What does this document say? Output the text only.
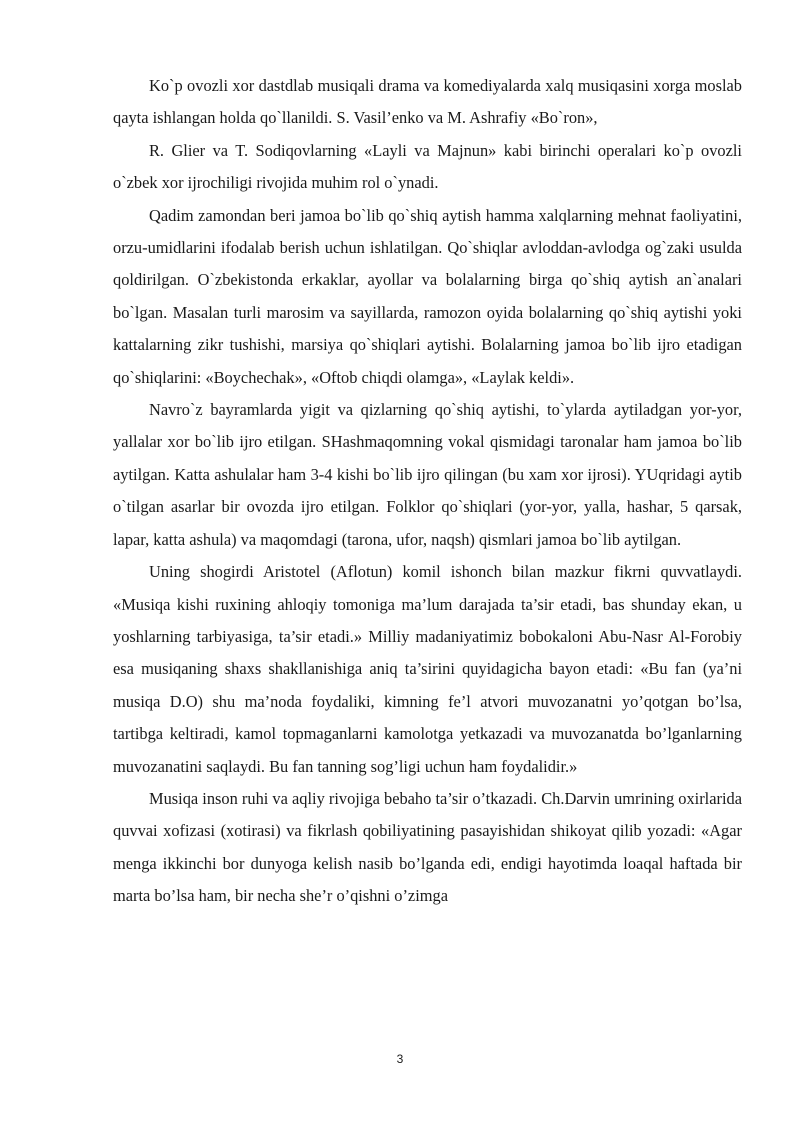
Ko`p ovozli xor dastdlab musiqali drama va komediyalarda xalq musiqasini xorga moslab qayta ishlangan holda qo`llanildi. S. Vasil’enko va M. Ashrafiy «Bo`ron»,

R. Glier va T. Sodiqovlarning «Layli va Majnun» kabi birinchi operalari ko`p ovozli o`zbek xor ijrochiligi rivojida muhim rol o`ynadi.

Qadim zamondan beri jamoa bo`lib qo`shiq aytish hamma xalqlarning mehnat faoliyatini, orzu-umidlarini ifodalab berish uchun ishlatilgan. Qo`shiqlar avloddan-avlodga og`zaki usulda qoldirilgan. O`zbekistonda erkaklar, ayollar va bolalarning birga qo`shiq aytish an`analari bo`lgan. Masalan turli marosim va sayillarda, ramozon oyida bolalarning qo`shiq aytishi yoki kattalarning zikr tushishi, marsiya qo`shiqlari aytishi. Bolalarning jamoa bo`lib ijro etadigan qo`shiqlarini: «Boychechak», «Oftob chiqdi olamga», «Laylak keldi».

Navro`z bayramlarda yigit va qizlarning qo`shiq aytishi, to`ylarda aytiladgan yor-yor, yallalar xor bo`lib ijro etilgan. SHashmaqomning vokal qismidagi taronalar ham jamoa bo`lib aytilgan. Katta ashulalar ham 3-4 kishi bo`lib ijro qilingan (bu xam xor ijrosi). YUqridagi aytib o`tilgan asarlar bir ovozda ijro etilgan. Folklor qo`shiqlari (yor-yor, yalla, hashar, 5 qarsak, lapar, katta ashula) va maqomdagi (tarona, ufor, naqsh) qismlari jamoa bo`lib aytilgan.

Uning shogirdi Aristotel (Aflotun) komil ishonch bilan mazkur fikrni quvvatlaydi. «Musiqa kishi ruxining ahloqiy tomoniga ma’lum darajada ta’sir etadi, bas shunday ekan, u yoshlarning tarbiyasiga, ta’sir etadi.» Milliy madaniyatimiz bobokaloni Abu-Nasr Al-Forobiy esa musiqaning shaxs shakllanishiga aniq ta’sirini quyidagicha bayon etadi: «Bu fan (ya’ni musiqa D.O) shu ma’noda foydaliki, kimning fe’l atvori muvozanatni yo’qotgan bo’lsa, tartibga keltiradi, kamol topmaganlarni kamolotga yetkazadi va muvozanatda bo’lganlarning muvozanatini saqlaydi. Bu fan tanning sog’ligi uchun ham foydalidir.»

Musiqa inson ruhi va aqliy rivojiga bebaho ta’sir o’tkazadi. Ch.Darvin umrining oxirlarida quvvai xofizasi (xotirasi) va fikrlash qobiliyatining pasayishidan shikoyat qilib yozadi: «Agar menga ikkinchi bor dunyoga kelish nasib bo’lganda edi, endigi hayotimda loaqal haftada bir marta bo’lsa ham, bir necha she’r o’qishni o’zimga

3
